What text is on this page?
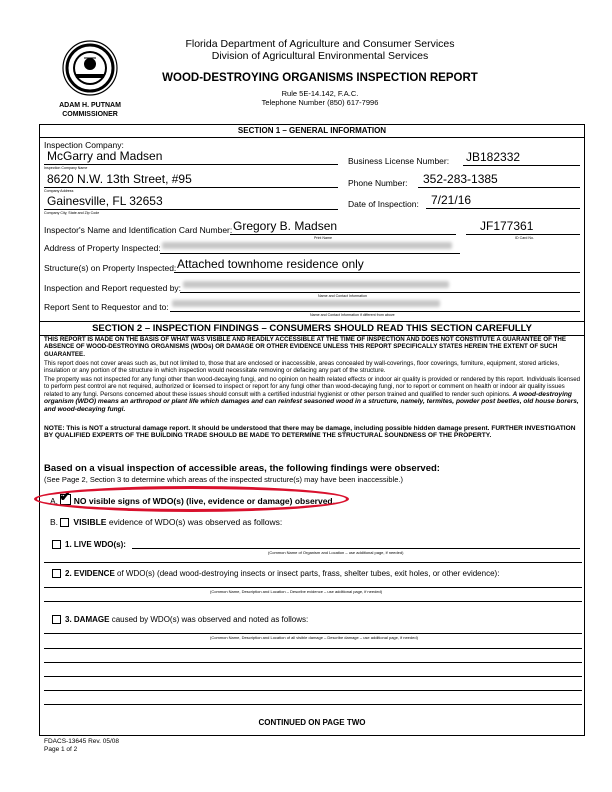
ADAM H. PUTNAM
COMMISSIONER
Florida Department of Agriculture and Consumer Services
Division of Agricultural Environmental Services
WOOD-DESTROYING ORGANISMS INSPECTION REPORT
Rule 5E-14.142, F.A.C.
Telephone Number (850) 617-7996
SECTION 1 – GENERAL INFORMATION
Inspection Company:
McGarry and Madsen
Inspection Company Name
8620 N.W. 13th Street, #95
Company Address
Gainesville, FL 32653
Company City, State and Zip Code
Business License Number: JB182332
Phone Number: 352-283-1385
Date of Inspection: 7/21/16
Inspector's Name and Identification Card Number: Gregory B. Madsen
Print Name
JF177361
ID Card No.
Address of Property Inspected:
Structure(s) on Property Inspected: Attached townhome residence only
Inspection and Report requested by:
Name and Contact Information
Report Sent to Requestor and to:
Name and Contact Information if different from above
SECTION 2 – INSPECTION FINDINGS – CONSUMERS SHOULD READ THIS SECTION CAREFULLY
THIS REPORT IS MADE ON THE BASIS OF WHAT WAS VISIBLE AND READILY ACCESSIBLE AT THE TIME OF INSPECTION AND DOES NOT CONSTITUTE A GUARANTEE OF THE ABSENCE OF WOOD-DESTROYING ORGANISMS (WDOs) OR DAMAGE OR OTHER EVIDENCE UNLESS THIS REPORT SPECIFICALLY STATES HEREIN THE EXTENT OF SUCH GUARANTEE.
This report does not cover areas such as, but not limited to, those that are enclosed or inaccessible, areas concealed by wall-coverings, floor coverings, furniture, equipment, stored articles, insulation or any portion of the structure in which inspection would necessitate removing or defacing any part of the structure.
The property was not inspected for any fungi other than wood-decaying fungi, and no opinion on health related effects or indoor air quality is provided or rendered by this report. Individuals licensed to perform pest control are not required, authorized or licensed to inspect or report for any fungi other than wood-decaying fungi, nor to report or comment on health or indoor air quality issues related to any fungi. Persons concerned about these issues should consult with a certified industrial hygienist or other person trained and qualified to render such opinions. A wood-destroying organism (WDO) means an arthropod or plant life which damages and can reinfest seasoned wood in a structure, namely, termites, powder post beetles, old house borers, and wood-decaying fungi.
NOTE: This is NOT a structural damage report. It should be understood that there may be damage, including possible hidden damage present. FURTHER INVESTIGATION BY QUALIFIED EXPERTS OF THE BUILDING TRADE SHOULD BE MADE TO DETERMINE THE STRUCTURAL SOUNDNESS OF THE PROPERTY.
Based on a visual inspection of accessible areas, the following findings were observed:
(See Page 2, Section 3 to determine which areas of the inspected structure(s) may have been inaccessible.)
A. ✔ NO visible signs of WDO(s) (live, evidence or damage) observed.
B. VISIBLE evidence of WDO(s) was observed as follows:
1. LIVE WDO(s):
(Common Name of Organism and Location – use additional page, if needed)
2. EVIDENCE of WDO(s) (dead wood-destroying insects or insect parts, frass, shelter tubes, exit holes, or other evidence):
(Common Name, Description and Location – Describe evidence – use additional page, if needed)
3. DAMAGE caused by WDO(s) was observed and noted as follows:
(Common Name, Description and Location of all visible damage – Describe damage – use additional page, if needed)
CONTINUED ON PAGE TWO
FDACS-13645 Rev. 05/08
Page 1 of 2
